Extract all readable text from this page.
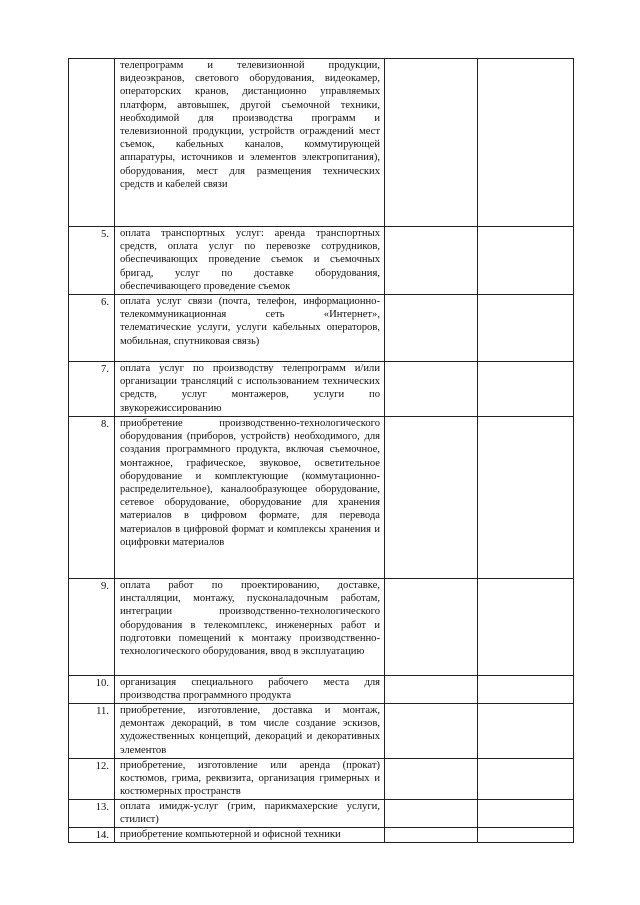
	телепрограмм и телевизионной продукции, видеоэкранов, светового оборудования, видеокамер, операторских кранов, дистанционно управляемых платформ, автовышек, другой съемочной техники, необходимой для производства программ и телевизионной продукции, устройств ограждений мест съемок, кабельных каналов, коммутирующей аппаратуры, источников и элементов электропитания), оборудования, мест для размещения технических средств и кабелей связи		
5.	оплата транспортных услуг: аренда транспортных средств, оплата услуг по перевозке сотрудников, обеспечивающих проведение съемок и съемочных бригад, услуг по доставке оборудования, обеспечивающего проведение съемок		
6.	оплата услуг связи (почта, телефон, информационно-телекоммуникационная сеть «Интернет», телематические услуги, услуги кабельных операторов, мобильная, спутниковая связь)		
7.	оплата услуг по производству телепрограмм и/или организации трансляций с использованием технических средств, услуг монтажеров, услуги по звукорежиссированию		
8.	приобретение производственно-технологического оборудования (приборов, устройств) необходимого, для создания программного продукта, включая съемочное, монтажное, графическое, звуковое, осветительное оборудование и комплектующие (коммутационно-распределительное), каналообразующее оборудование, сетевое оборудование, оборудование для хранения материалов в цифровом формате, для перевода материалов в цифровой формат и комплексы хранения и оцифровки материалов		
9.	оплата работ по проектированию, доставке, инсталляции, монтажу, пусконаладочным работам, интеграции производственно-технологического оборудования в телекомплекс, инженерных работ и подготовки помещений к монтажу производственно-технологического оборудования, ввод в эксплуатацию		
10.	организация специального рабочего места для производства программного продукта		
11.	приобретение, изготовление, доставка и монтаж, демонтаж декораций, в том числе создание эскизов, художественных концепций, декораций и декоративных элементов		
12.	приобретение, изготовление или аренда (прокат) костюмов, грима, реквизита, организация гримерных и костюмерных пространств		
13.	оплата имидж-услуг (грим, парикмахерские услуги, стилист)		
14.	приобретение компьютерной и офисной техники		
